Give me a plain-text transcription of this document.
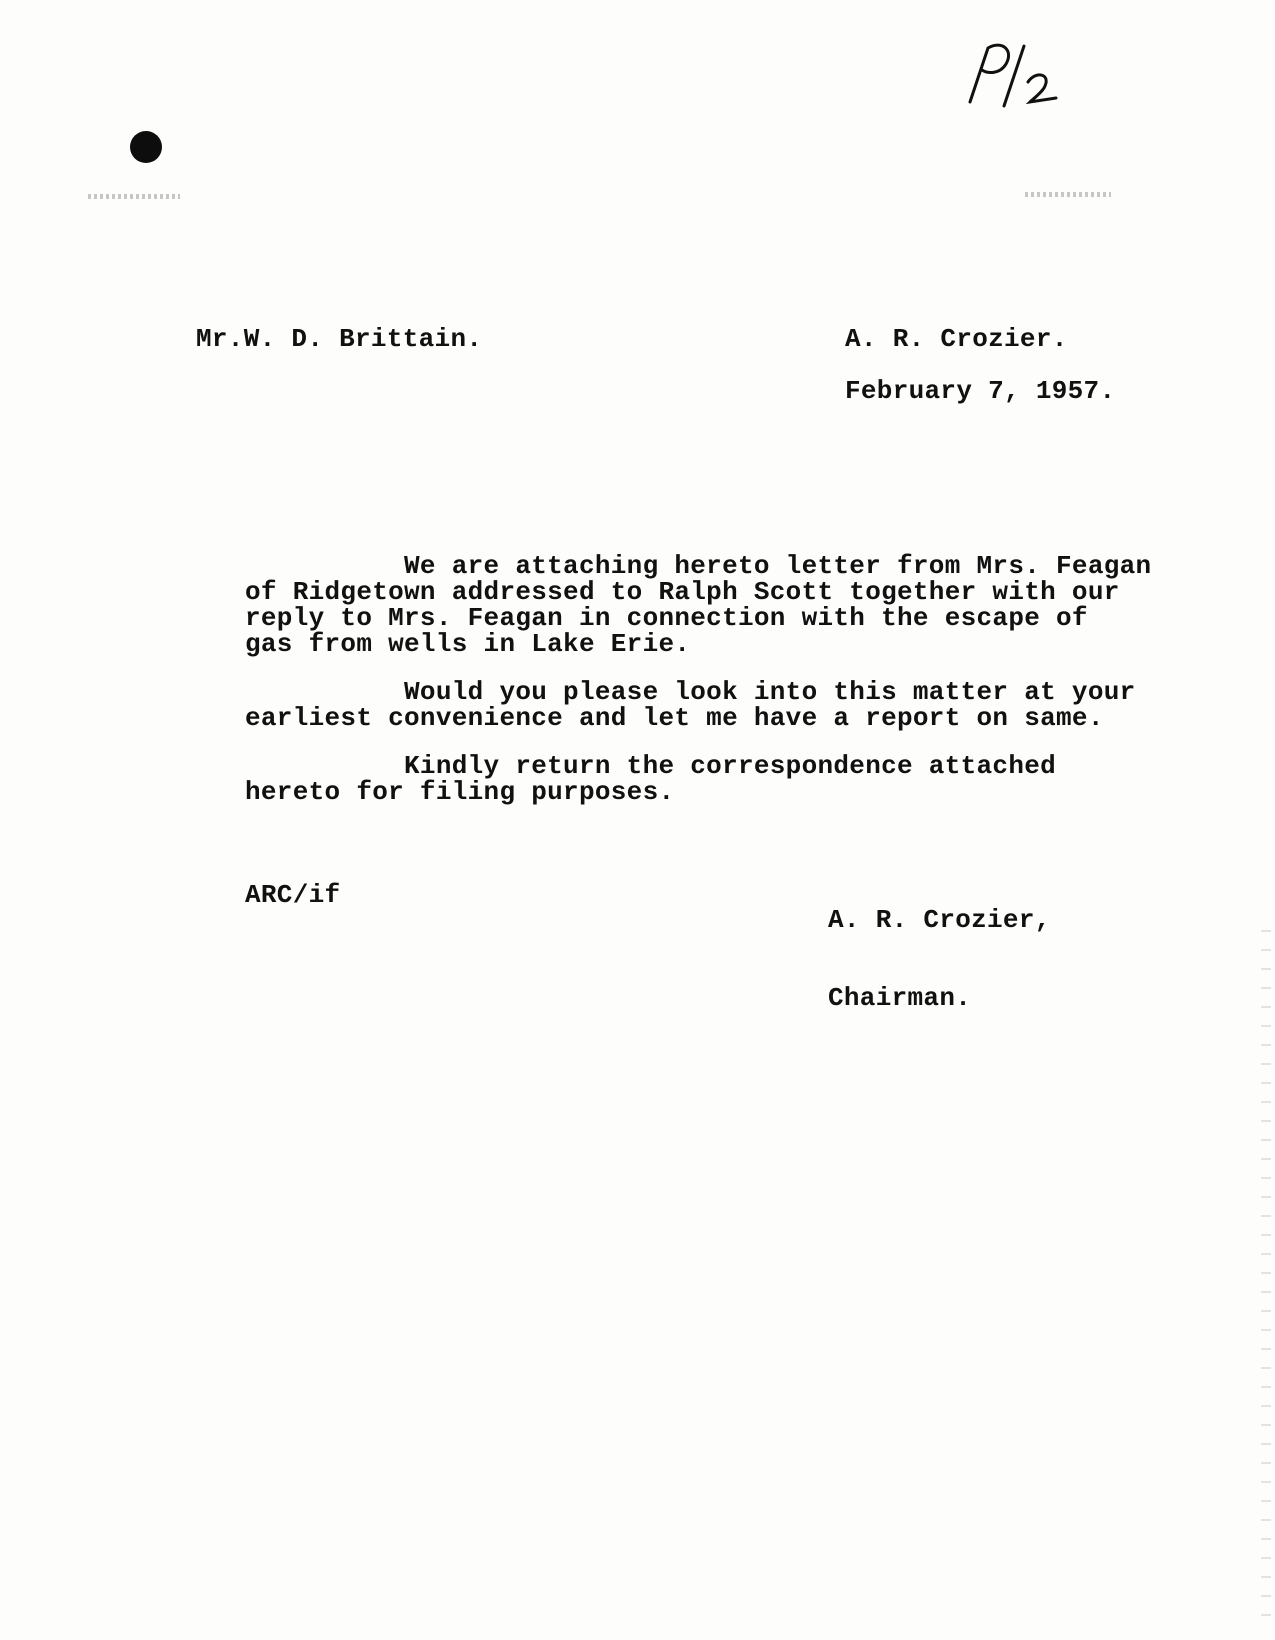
Mr.W. D. Brittain.	A. R. Crozier.
February 7, 1957.

We are attaching hereto letter from Mrs. Feagan
of Ridgetown addressed to Ralph Scott together with our
reply to Mrs. Feagan in connection with the escape of
gas from wells in Lake Erie.

Would you please look into this matter at your
earliest convenience and let me have a report on same.

Kindly return the correspondence attached
hereto for filing purposes.

A. R. Crozier,

Chairman.

ARC/if
